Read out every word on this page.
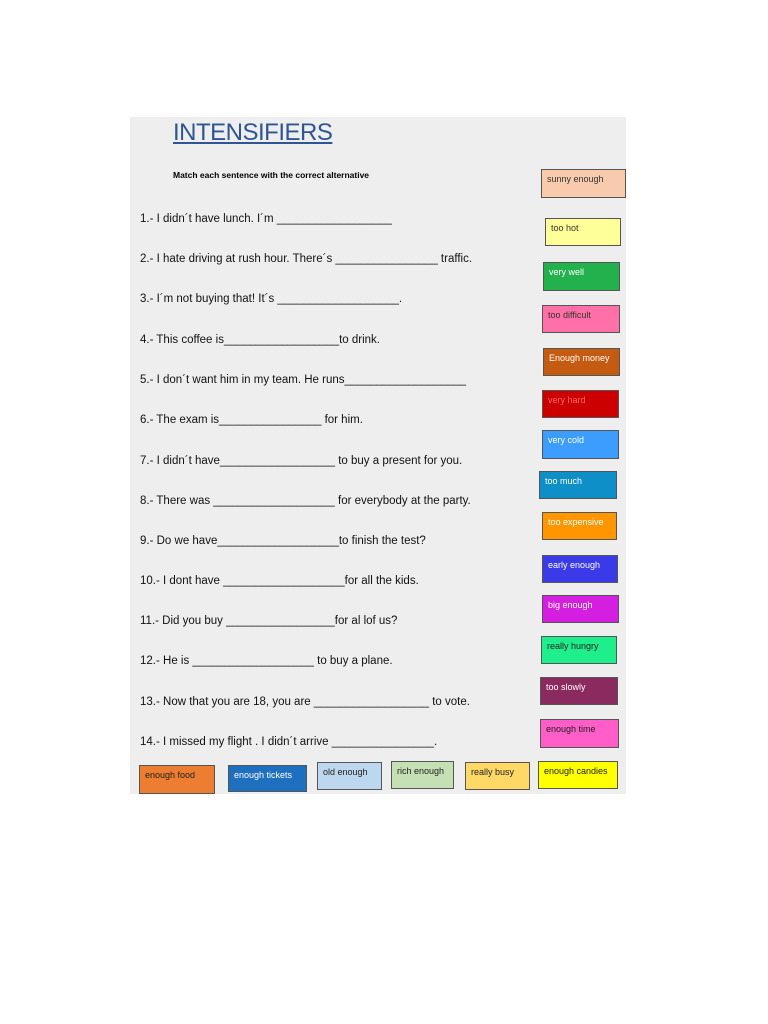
INTENSIFIERS
Match each sentence with the correct alternative
1.- I didn´t have lunch. I´m __________________
2.- I hate driving at rush hour. There´s ________________ traffic.
3.- I´m not buying that! It´s ___________________.
4.- This coffee is__________________to drink.
5.- I don´t want him in my team. He runs___________________
6.- The exam is________________ for him.
7.- I didn´t have__________________ to buy a present for you.
8.- There was ___________________ for everybody at the party.
9.- Do we have___________________to finish the test?
10.- I dont have ___________________for all the kids.
11.- Did you buy _________________for al lof us?
12.- He is ___________________ to buy a plane.
13.- Now that you are 18, you are __________________ to vote.
14.- I missed my flight . I didn´t arrive ________________.
sunny enough
too hot
very well
too difficult
Enough money
very hard
very cold
too much
too expensive
early enough
big enough
really hungry
too slowly
enough time
enough food	enough tickets	old enough	rich enough	really busy	enough candies
